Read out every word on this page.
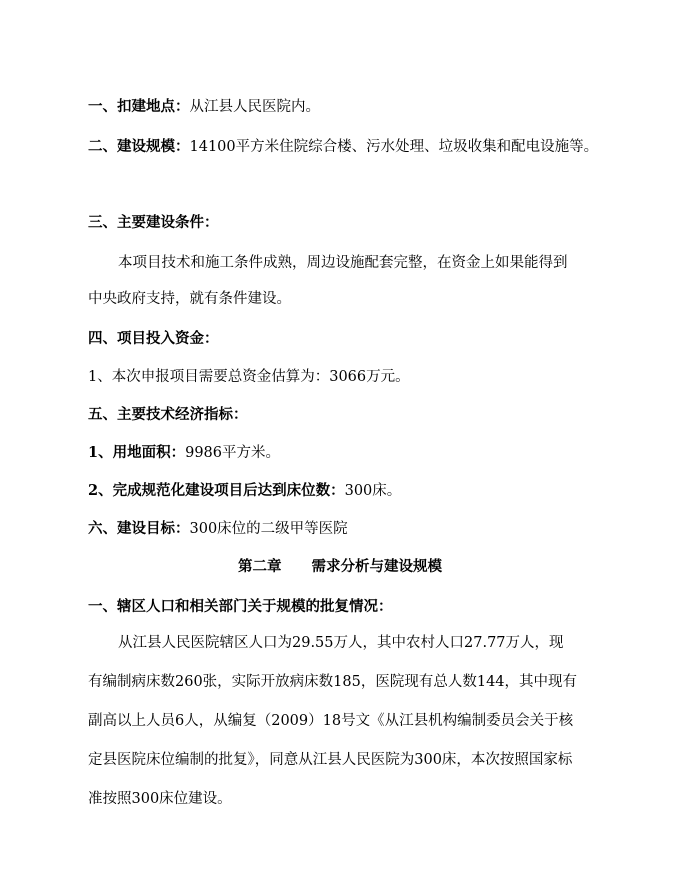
一、扣建地点：从江县人民医院内。
二、建设规模：14100平方米住院综合楼、污水处理、垃圾收集和配电设施等。
三、主要建设条件：
本项目技术和施工条件成熟，周边设施配套完整，在资金上如果能得到
中央政府支持，就有条件建设。
四、项目投入资金：
1、本次申报项目需要总资金估算为：3066万元。
五、主要技术经济指标：
1、用地面积：9986平方米。
2、完成规范化建设项目后达到床位数：300床。
六、建设目标：300床位的二级甲等医院
第二章 需求分析与建设规模
一、辖区人口和相关部门关于规模的批复情况：
从江县人民医院辖区人口为29.55万人，其中农村人口27.77万人，现
有编制病床数260张，实际开放病床数185，医院现有总人数144，其中现有
副高以上人员6人，从编复（2009）18号文《从江县机构编制委员会关于核
定县医院床位编制的批复》，同意从江县人民医院为300床，本次按照国家标
准按照300床位建设。
